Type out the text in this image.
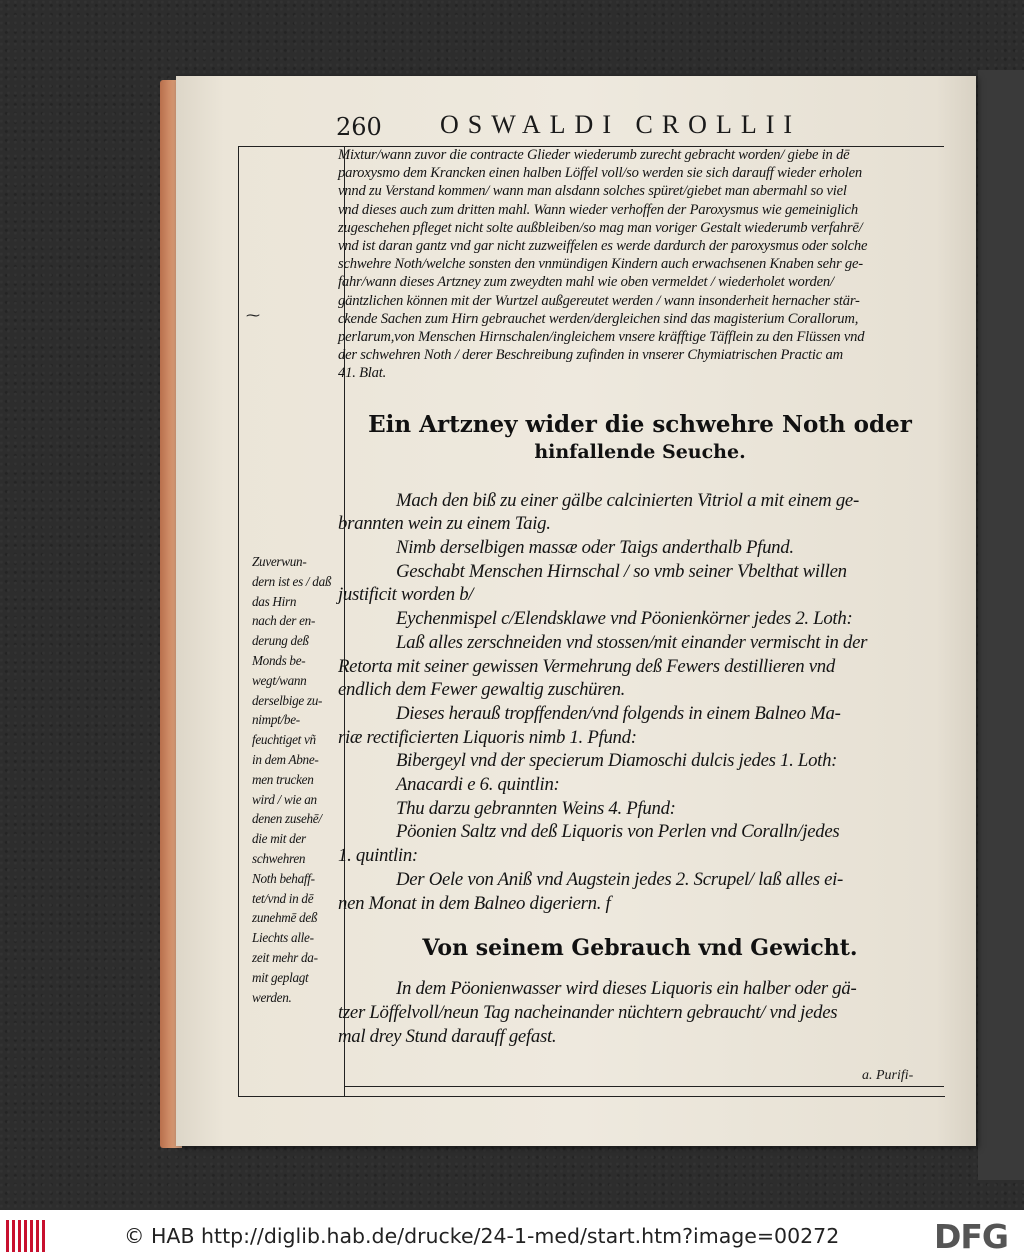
260 OSWALDI CROLLII
⁓
Mixtur/wann zuvor die contracte Glieder wiederumb zurecht gebracht worden/ giebe in dē
paroxysmo dem Krancken einen halben Löffel voll/so werden sie sich darauff wieder erholen
vnnd zu Verstand kommen/ wann man alsdann solches spüret/giebet man abermahl so viel
vnd dieses auch zum dritten mahl. Wann wieder verhoffen der Paroxysmus wie gemeiniglich
zugeschehen pfleget nicht solte außbleiben/so mag man voriger Gestalt wiederumb verfahrē/
vnd ist daran gantz vnd gar nicht zuzweiffelen es werde dardurch der paroxysmus oder solche
schwehre Noth/welche sonsten den vnmündigen Kindern auch erwachsenen Knaben sehr ge-
fahr/wann dieses Artzney zum zweydten mahl wie oben vermeldet / wiederholet worden/
gäntzlichen können mit der Wurtzel außgereutet werden / wann insonderheit hernacher stär-
ckende Sachen zum Hirn gebrauchet werden/dergleichen sind das magisterium Corallorum,
perlarum,von Menschen Hirnschalen/ingleichem vnsere kräfftige Täfflein zu den Flüssen vnd
der schwehren Noth / derer Beschreibung zufinden in vnserer Chymiatrischen Practic am
41. Blat.
Ein Artzney wider die schwehre Noth oder
hinfallende Seuche.
Mach den biß zu einer gälbe calcinierten Vitriol a mit einem ge-
brannten wein zu einem Taig.
Nimb derselbigen massæ oder Taigs anderthalb Pfund.
Geschabt Menschen Hirnschal / so vmb seiner Vbelthat willen
justificit worden b/
Eychenmispel c/Elendsklawe vnd Pöonienkörner jedes 2. Loth:
Laß alles zerschneiden vnd stossen/mit einander vermischt in der
Retorta mit seiner gewissen Vermehrung deß Fewers destillieren vnd
endlich dem Fewer gewaltig zuschüren.
Dieses herauß tropffenden/vnd folgends in einem Balneo Ma-
riæ rectificierten Liquoris nimb 1. Pfund:
Bibergeyl vnd der specierum Diamoschi dulcis jedes 1. Loth:
Anacardi e 6. quintlin:
Thu darzu gebrannten Weins 4. Pfund:
Pöonien Saltz vnd deß Liquoris von Perlen vnd Coralln/jedes
1. quintlin:
Der Oele von Aniß vnd Augstein jedes 2. Scrupel/ laß alles ei-
nen Monat in dem Balneo digeriern. f
Von seinem Gebrauch vnd Gewicht.
In dem Pöonienwasser wird dieses Liquoris ein halber oder gä-
tzer Löffelvoll/neun Tag nacheinander nüchtern gebraucht/ vnd jedes
mal drey Stund darauff gefast.
Zuverwun-
dern ist es / daß
das Hirn
nach der en-
derung deß
Monds be-
wegt/wann
derselbige zu-
nimpt/be-
feuchtiget vñ
in dem Abne-
men trucken
wird / wie an
denen zusehē/
die mit der
schwehren
Noth behaff-
tet/vnd in dē
zunehmē deß
Liechts alle-
zeit mehr da-
mit geplagt
werden.
a. Purifi-
© HAB http://diglib.hab.de/drucke/24-1-med/start.htm?image=00272	DFG
